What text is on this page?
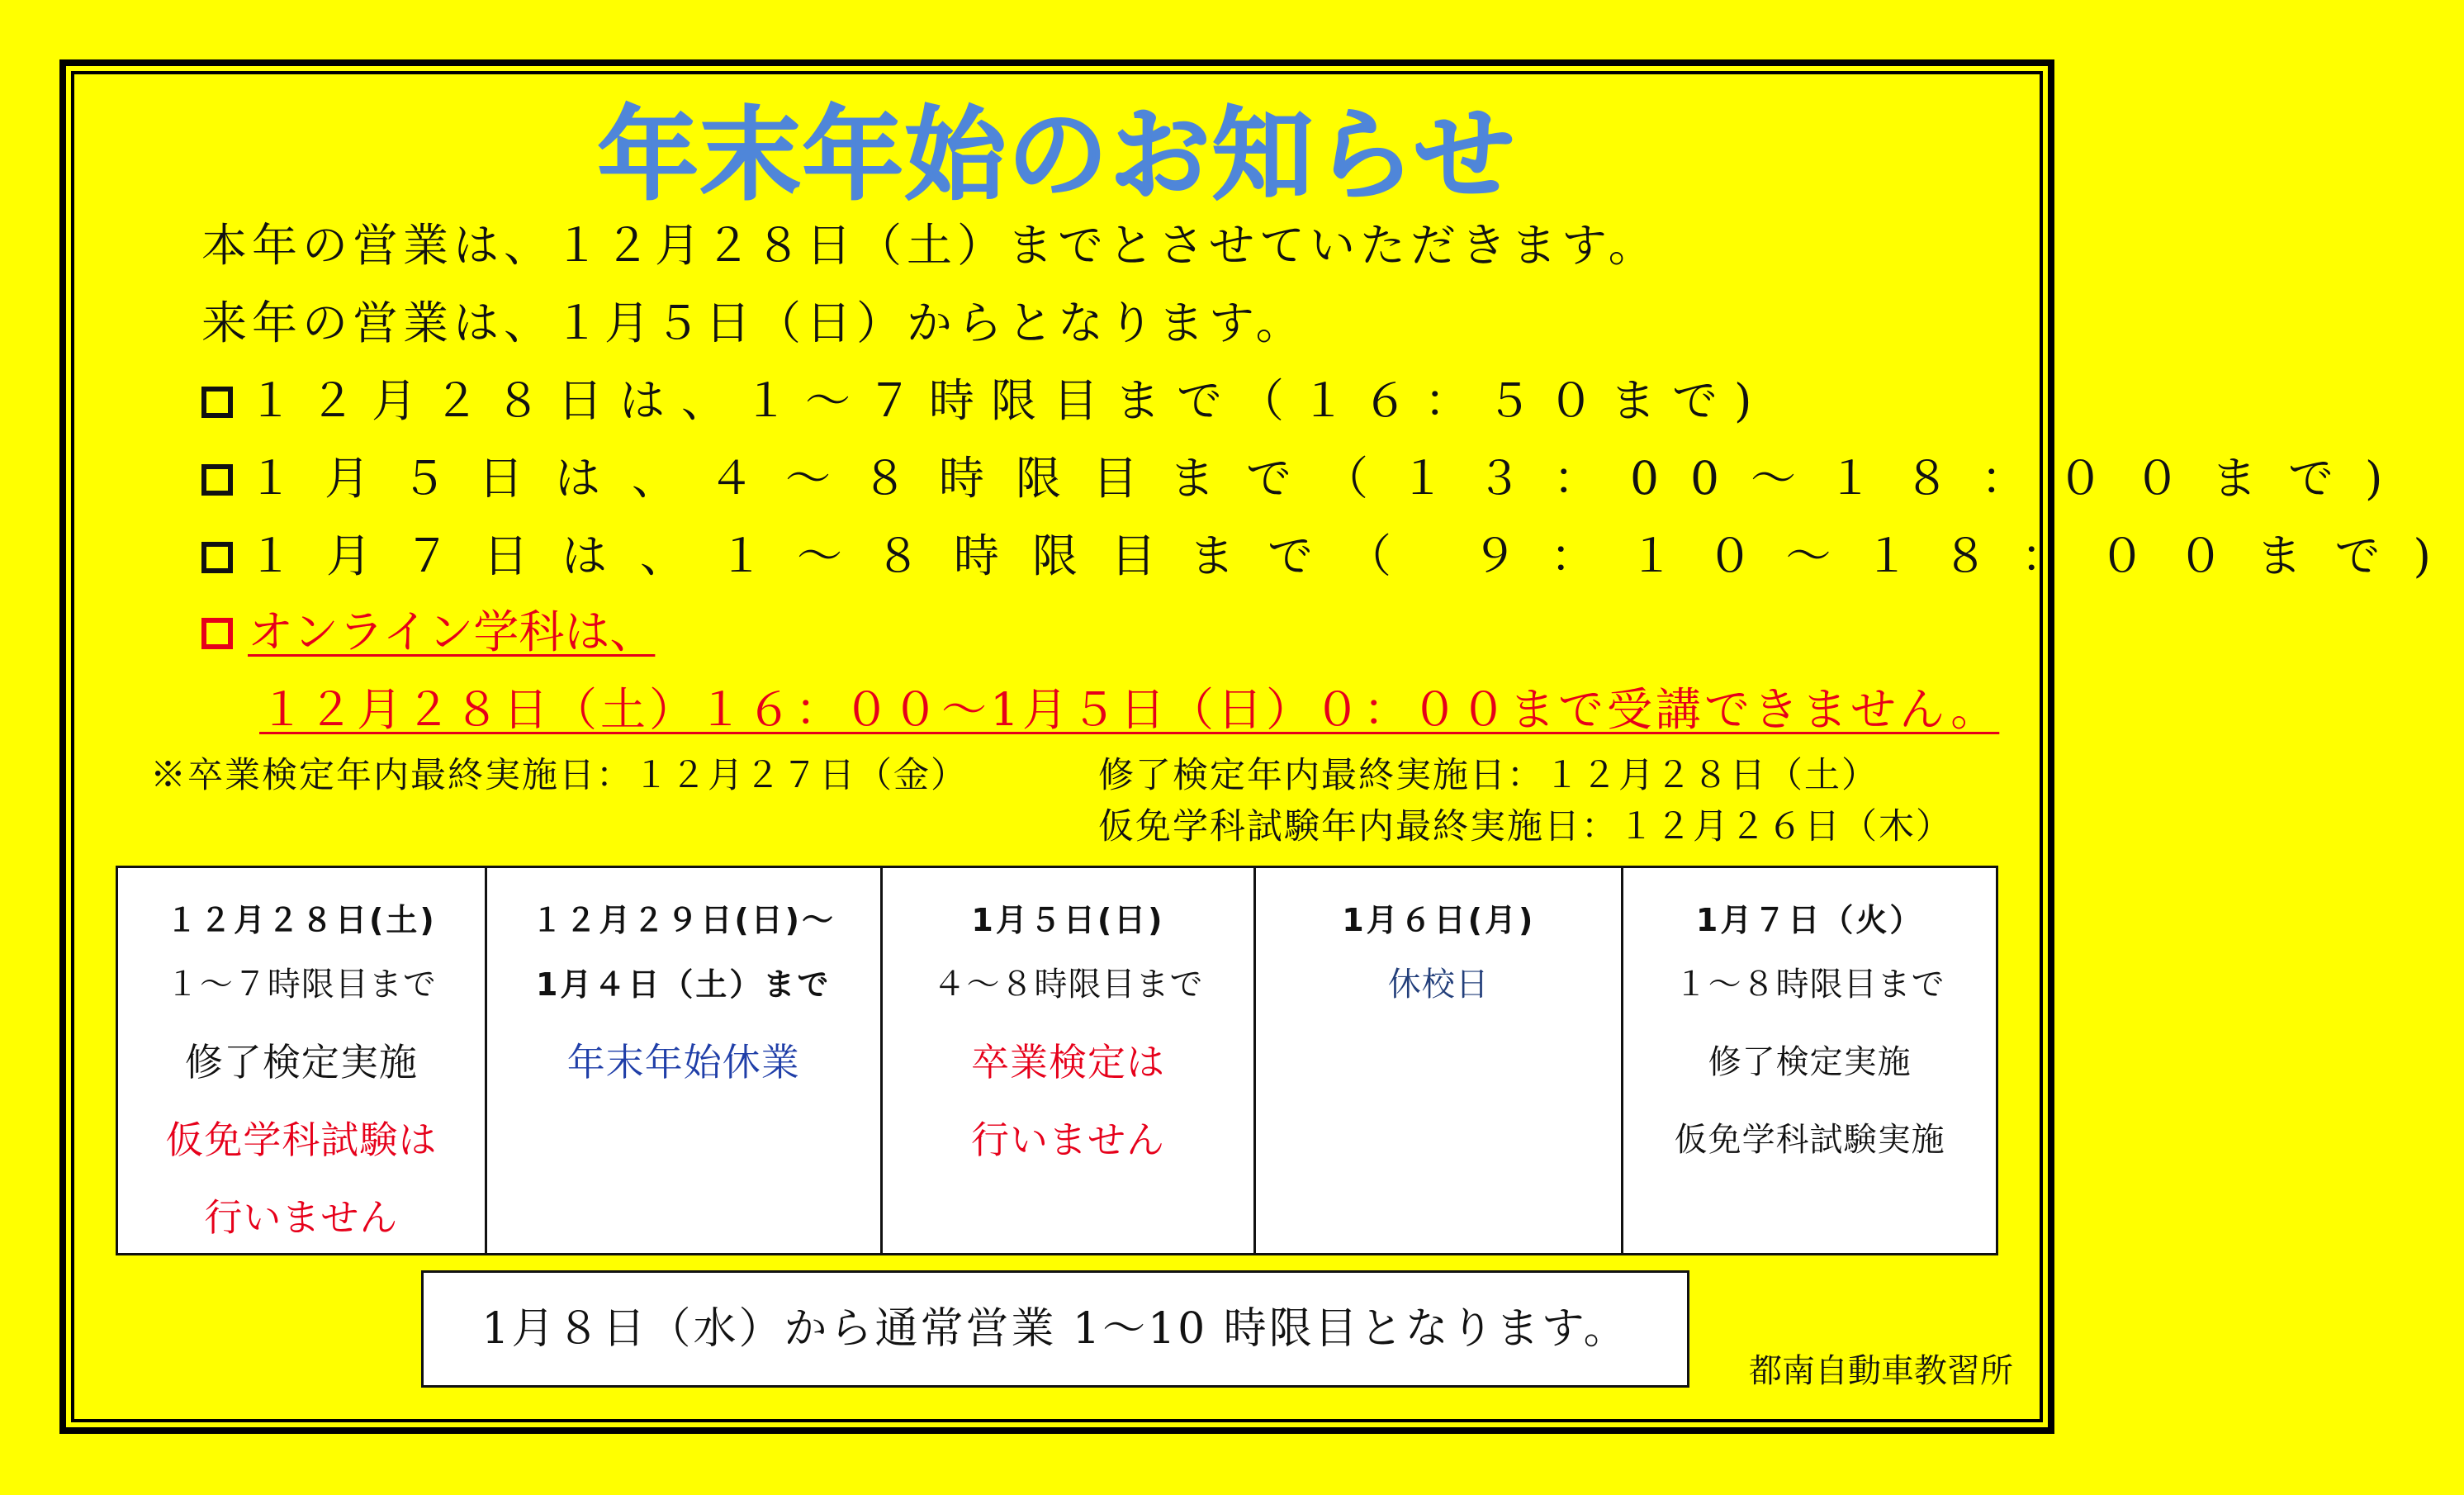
年末年始のお知らせ
本年の営業は、１２月２８日（土）までとさせていただきます。
来年の営業は、１月５日（日）からとなります。
１２月２８日は、１～７時限目まで（１６：５０まで)
１月５日は、４～８時限目まで（１３：00～１８：００まで)
１月７日は、１～８時限目まで（ ９：１０～１８：００まで)
オンライン学科は、
１２月２８日（土）１６：００～1月５日（日）０：００まで受講できません。
※卒業検定年内最終実施日：１２月２７日（金）	修了検定年内最終実施日：１２月２８日（土）
仮免学科試験年内最終実施日：１２月２６日（木）
１２月２８日(土)
１～７時限目まで
修了検定実施
仮免学科試験は
行いません
１２月２９日(日)～
1月４日（土）まで
年末年始休業
1月５日(日)
４～８時限目まで
卒業検定は
行いません
1月６日(月)
休校日
1月７日（火）
１～８時限目まで
修了検定実施
仮免学科試験実施
1月８日（水）から通常営業 1～10 時限目となります。
都南自動車教習所
